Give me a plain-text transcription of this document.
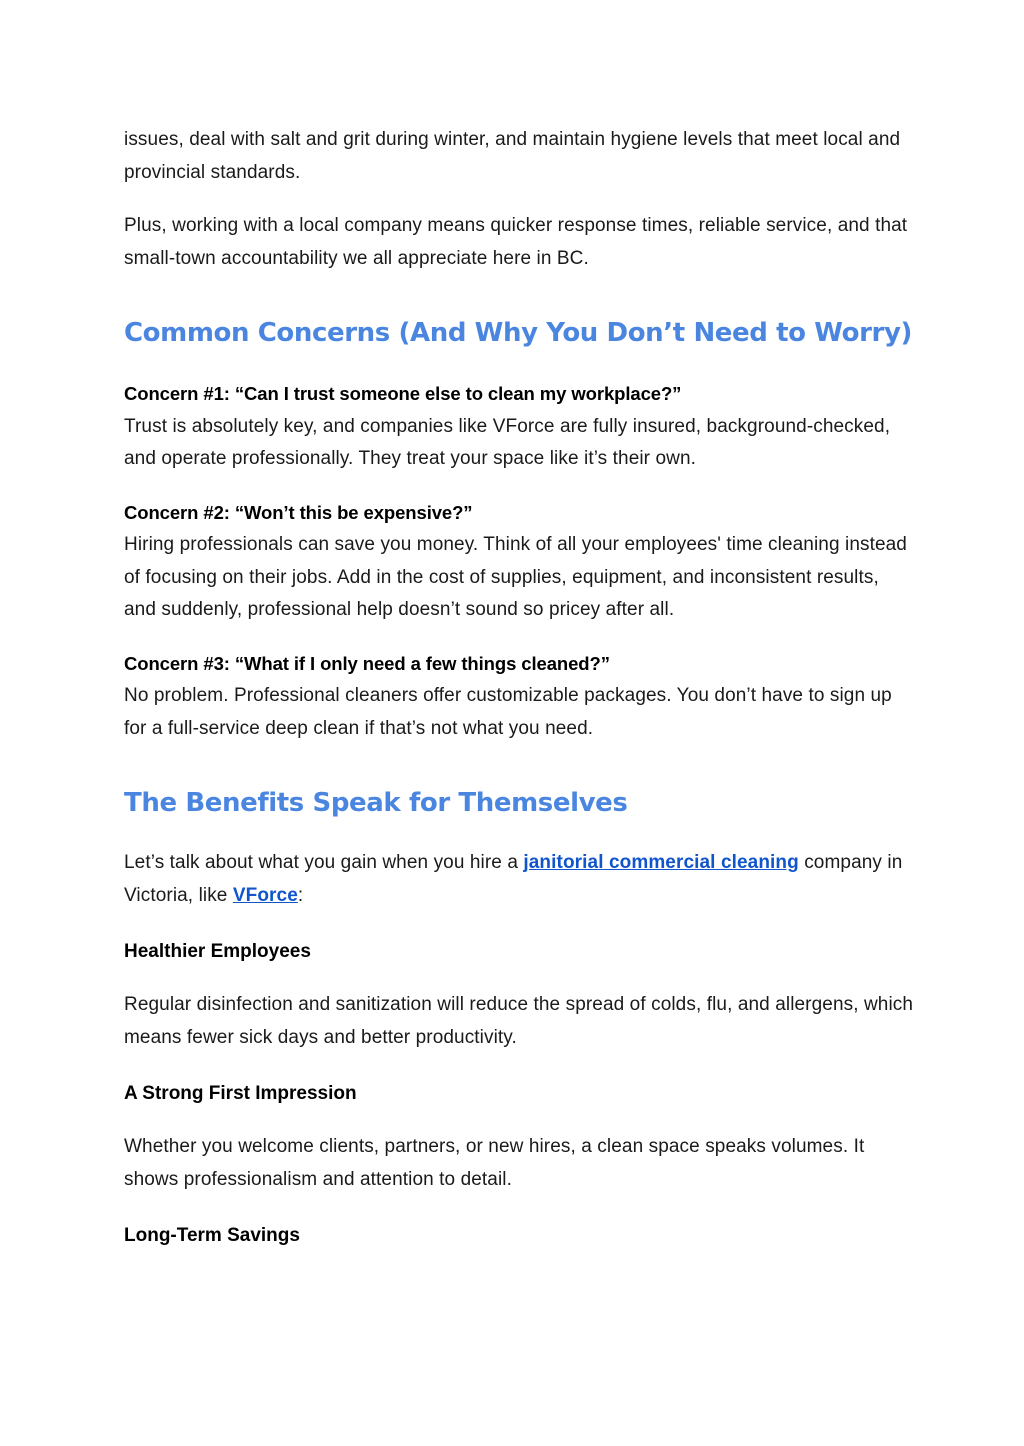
issues, deal with salt and grit during winter, and maintain hygiene levels that meet local and provincial standards.

Plus, working with a local company means quicker response times, reliable service, and that small-town accountability we all appreciate here in BC.

Common Concerns (And Why You Don’t Need to Worry)

Concern #1: “Can I trust someone else to clean my workplace?”

Trust is absolutely key, and companies like VForce are fully insured, background-checked, and operate professionally. They treat your space like it’s their own.

Concern #2: “Won’t this be expensive?”

Hiring professionals can save you money. Think of all your employees' time cleaning instead of focusing on their jobs. Add in the cost of supplies, equipment, and inconsistent results, and suddenly, professional help doesn’t sound so pricey after all.

Concern #3: “What if I only need a few things cleaned?”

No problem. Professional cleaners offer customizable packages. You don’t have to sign up for a full-service deep clean if that’s not what you need.

The Benefits Speak for Themselves

Let’s talk about what you gain when you hire a janitorial commercial cleaning company in Victoria, like VForce:

Healthier Employees

Regular disinfection and sanitization will reduce the spread of colds, flu, and allergens, which means fewer sick days and better productivity.

A Strong First Impression

Whether you welcome clients, partners, or new hires, a clean space speaks volumes. It shows professionalism and attention to detail.

Long-Term Savings
